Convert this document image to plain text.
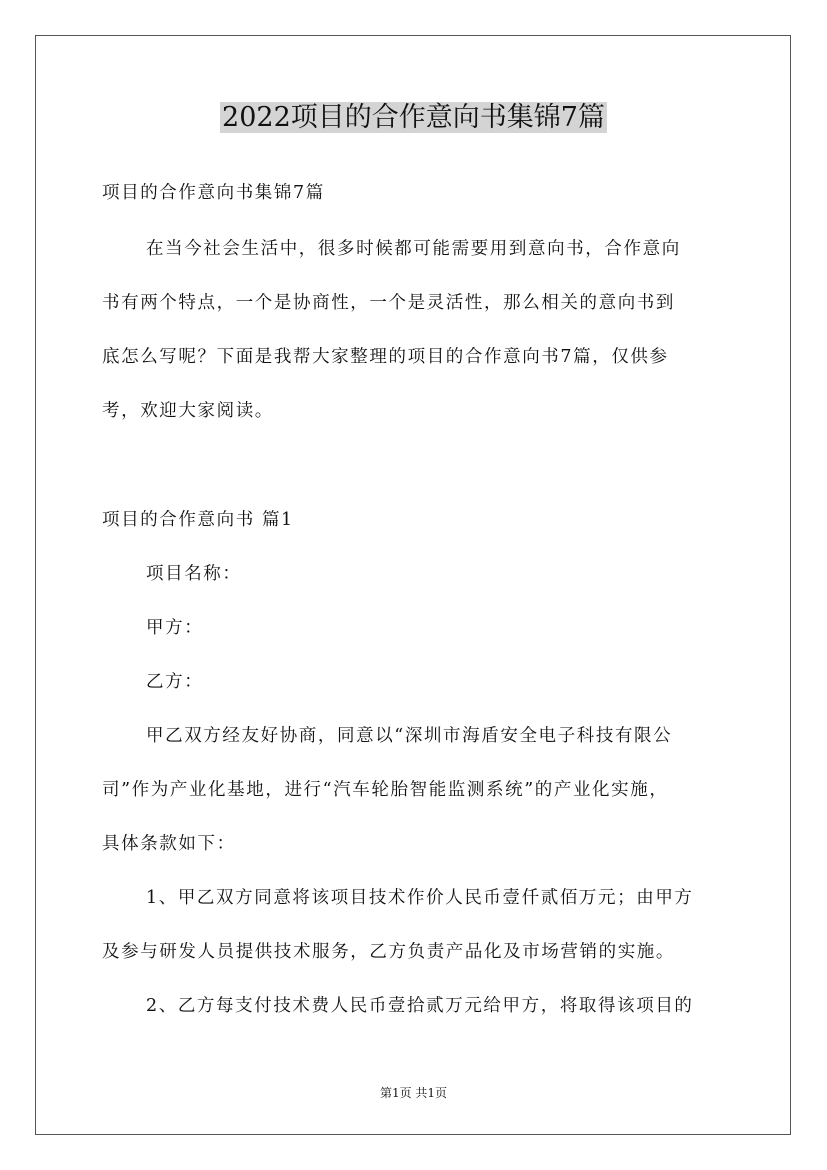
2022项目的合作意向书集锦7篇
项目的合作意向书集锦7篇
在当今社会生活中，很多时候都可能需要用到意向书，合作意向
书有两个特点，一个是协商性，一个是灵活性，那么相关的意向书到
底怎么写呢？下面是我帮大家整理的项目的合作意向书7篇，仅供参
考，欢迎大家阅读。
项目的合作意向书 篇1
项目名称：
甲方：
乙方：
甲乙双方经友好协商，同意以“深圳市海盾安全电子科技有限公
司”作为产业化基地，进行“汽车轮胎智能监测系统”的产业化实施，
具体条款如下：
1、甲乙双方同意将该项目技术作价人民币壹仟贰佰万元；由甲方
及参与研发人员提供技术服务，乙方负责产品化及市场营销的实施。
2、乙方每支付技术费人民币壹拾贰万元给甲方，将取得该项目的
第1页 共1页
